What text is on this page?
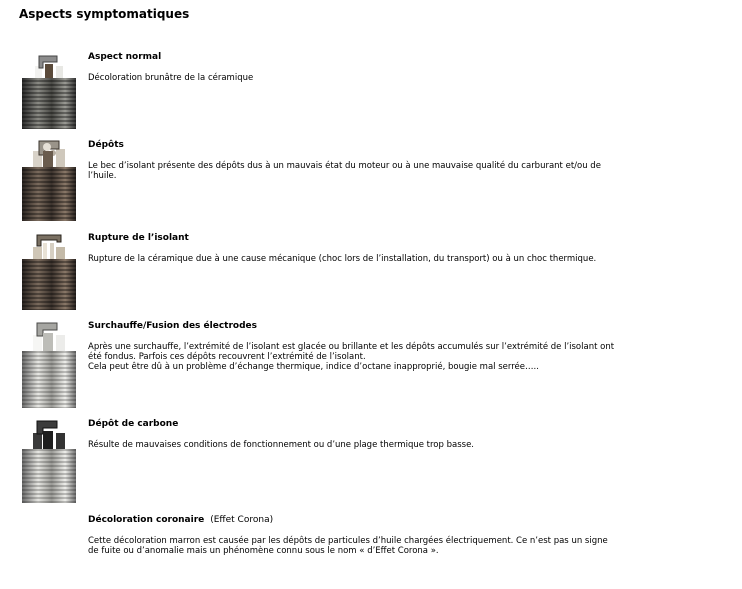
Aspects symptomatiques
Aspect normal
Décoloration brunâtre de la céramique
Dépôts
Le bec d’isolant présente des dépôts dus à un mauvais état du moteur ou à une mauvaise qualité du carburant et/ou de l’huile.
Rupture de l’isolant
Rupture de la céramique due à une cause mécanique (choc lors de l’installation, du transport) ou à un choc thermique.
Surchauffe/Fusion des électrodes
Après une surchauffe, l’extrémité de l’isolant est glacée ou brillante et les dépôts accumulés sur l’extrémité de l’isolant ont été fondus. Parfois ces dépôts recouvrent l’extrémité de l’isolant.
Cela peut être dû à un problème d’échange thermique, indice d’octane inapproprié, bougie mal serrée…..
Dépôt de carbone
Résulte de mauvaises conditions de fonctionnement ou d’une plage thermique trop basse.
Décoloration coronaire (Effet Corona)
Cette décoloration marron est causée par les dépôts de particules d’huile chargées électriquement. Ce n’est pas un signe de fuite ou d’anomalie mais un phénomène connu sous le nom « d’Effet Corona ».
